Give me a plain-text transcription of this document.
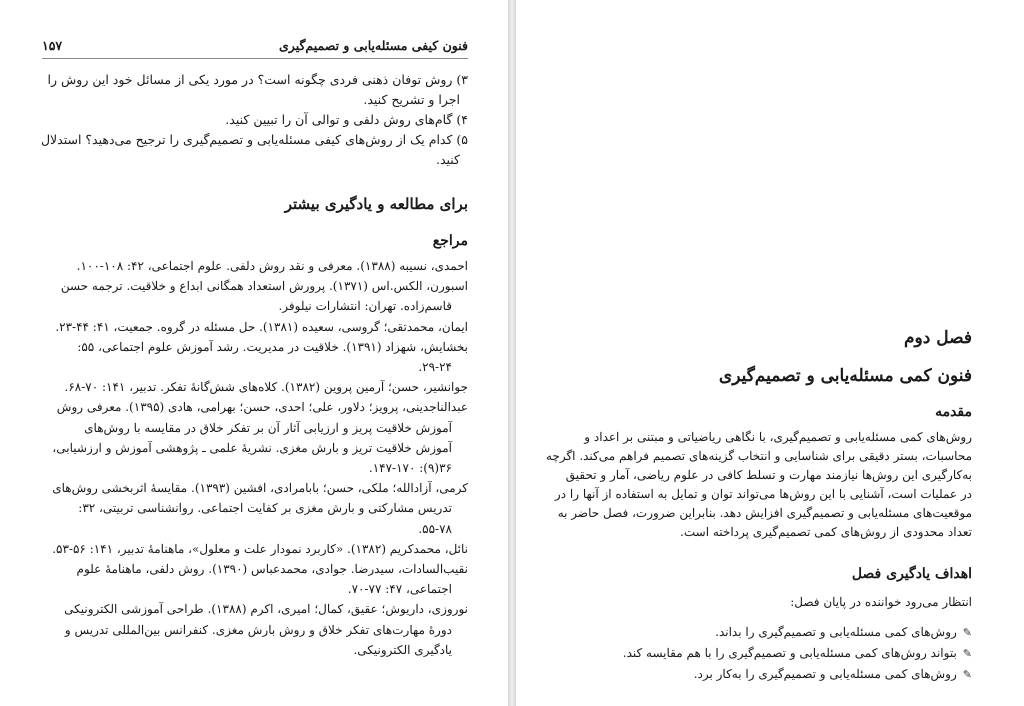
۱۵۷	فنون کیفی مسئله‌یابی و تصمیم‌گیری
۳) روش توفان ذهنی فردی چگونه است؟ در مورد یکی از مسائل خود این روش را
اجرا و تشریح کنید.
۴) گام‌های روش دلفی و توالی آن را تبیین کنید.
۵) کدام یک از روش‌های کیفی مسئله‌یابی و تصمیم‌گیری را ترجیح می‌دهید؟ استدلال
کنید.
برای مطالعه و یادگیری بیشتر
مراجع
احمدی، نسیبه (۱۳۸۸). معرفی و نقد روش دلفی. علوم اجتماعی، ۴۲: ۱۰۸-۱۰۰.
اسبورن، الکس.اس (۱۳۷۱). پرورش استعداد همگانی ابداع و خلاقیت. ترجمه حسن
قاسم‌زاده. تهران: انتشارات نیلوفر.
ایمان، محمدتقی؛ گروسی، سعیده (۱۳۸۱). حل مسئله در گروه. جمعیت، ۴۱: ۴۴-۲۳.
بخشایش، شهزاد (۱۳۹۱). خلاقیت در مدیریت. رشد آموزش علوم اجتماعی، ۵۵:
۲۹-۲۴.
جوانشیر، حسن؛ آرمین پروین (۱۳۸۲). کلاه‌های شش‌گانهٔ تفکر. تدبیر، ۱۴۱: ۷۰-۶۸.
عبدالناجدینی، پرویز؛ دلاور، علی؛ احدی، حسن؛ بهرامی، هادی (۱۳۹۵). معرفی روش
آموزش خلاقیت پریز و ارزیابی آثار آن بر تفکر خلاق در مقایسه با روش‌های
آموزش خلاقیت تریز و بارش مغزی. نشریهٔ علمی ـ پژوهشی آموزش و ارزشیابی،
۳۶(۹): ۱۴۷-۱۷۰.
کرمی، آزادالله؛ ملکی، حسن؛ بابامرادی، افشین (۱۳۹۳). مقایسهٔ اثربخشی روش‌های
تدریس مشارکتی و بارش مغزی بر کفایت اجتماعی. روانشناسی تربیتی، ۳۲:
۵۵-۷۸.
نائل، محمدکریم (۱۳۸۲). «کاربرد نمودار علت و معلول»، ماهنامهٔ تدبیر، ۱۴۱: ۵۶-۵۳.
نقیب‌السادات، سیدرضا. جوادی، محمدعباس (۱۳۹۰). روش دلفی، ماهنامهٔ علوم
اجتماعی، ۴۷: ۷۷-۷۰.
نوروزی، داریوش؛ عقیق، کمال؛ امیری، اکرم (۱۳۸۸). طراحی آموزشی الکترونیکی
دورهٔ مهارت‌های تفکر خلاق و روش بارش مغزی. کنفرانس بین‌المللی تدریس و
یادگیری الکترونیکی.
فصل دوم
فنون کمی مسئله‌یابی و تصمیم‌گیری
مقدمه
روش‌های کمی مسئله‌یابی و تصمیم‌گیری، با نگاهی ریاضیاتی و مبتنی بر اعداد و
محاسبات، بستر دقیقی برای شناسایی و انتخاب گزینه‌های تصمیم فراهم می‌کند. اگرچه
به‌کارگیری این روش‌ها نیازمند مهارت و تسلط کافی در علوم ریاضی، آمار و تحقیق
در عملیات است، آشنایی با این روش‌ها می‌تواند توان و تمایل به استفاده از آنها را در
موقعیت‌های مسئله‌یابی و تصمیم‌گیری افزایش دهد. بنابراین ضرورت، فصل حاضر به
تعداد محدودی از روش‌های کمی تصمیم‌گیری پرداخته است.
اهداف یادگیری فصل
انتظار می‌رود خواننده در پایان فصل:
✎روش‌های کمی مسئله‌یابی و تصمیم‌گیری را بداند.
✎بتواند روش‌های کمی مسئله‌یابی و تصمیم‌گیری را با هم مقایسه کند.
✎روش‌های کمی مسئله‌یابی و تصمیم‌گیری را به‌کار برد.
